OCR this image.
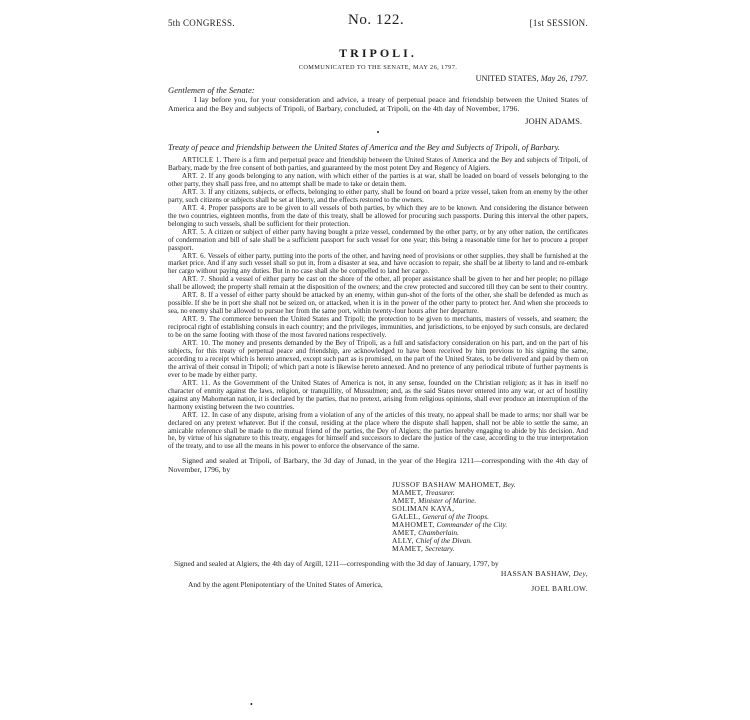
5th CONGRESS.	No. 122.	[1st SESSION.
TRIPOLI.
COMMUNICATED TO THE SENATE, MAY 26, 1797.
UNITED STATES, May 26, 1797.
Gentlemen of the Senate:

I lay before you, for your consideration and advice, a treaty of perpetual peace and friendship between the United States of America and the Bey and subjects of Tripoli, of Barbary, concluded, at Tripoli, on the 4th day of November, 1796.

JOHN ADAMS.
•
Treaty of peace and friendship between the United States of America and the Bey and Subjects of Tripoli, of Barbary.

ARTICLE 1. There is a firm and perpetual peace and friendship between the United States of America and the Bey and subjects of Tripoli, of Barbary, made by the free consent of both parties, and guaranteed by the most potent Dey and Regency of Algiers.

ART. 2. If any goods belonging to any nation, with which either of the parties is at war, shall be loaded on board of vessels belonging to the other party, they shall pass free, and no attempt shall be made to take or detain them.

ART. 3. If any citizens, subjects, or effects, belonging to either party, shall be found on board a prize vessel, taken from an enemy by the other party, such citizens or subjects shall be set at liberty, and the effects restored to the owners.

ART. 4. Proper passports are to be given to all vessels of both parties, by which they are to be known. And considering the distance between the two countries, eighteen months, from the date of this treaty, shall be allowed for procuring such passports. During this interval the other papers, belonging to such vessels, shall be sufficient for their protection.

ART. 5. A citizen or subject of either party having bought a prize vessel, condemned by the other party, or by any other nation, the certificates of condemnation and bill of sale shall be a sufficient passport for such vessel for one year; this being a reasonable time for her to procure a proper passport.

ART. 6. Vessels of either party, putting into the ports of the other, and having need of provisions or other supplies, they shall be furnished at the market price. And if any such vessel shall so put in, from a disaster at sea, and have occasion to repair, she shall be at liberty to land and re-embark her cargo without paying any duties. But in no case shall she be compelled to land her cargo.

ART. 7. Should a vessel of either party be cast on the shore of the other, all proper assistance shall be given to her and her people; no pillage shall be allowed; the property shall remain at the disposition of the owners; and the crew protected and succored till they can be sent to their country.

ART. 8. If a vessel of either party should be attacked by an enemy, within gun-shot of the forts of the other, she shall be defended as much as possible. If she be in port she shall not be seized on, or attacked, when it is in the power of the other party to protect her. And when she proceeds to sea, no enemy shall be allowed to pursue her from the same port, within twenty-four hours after her departure.

ART. 9. The commerce between the United States and Tripoli; the protection to be given to merchants, masters of vessels, and seamen; the reciprocal right of establishing consuls in each country; and the privileges, immunities, and jurisdictions, to be enjoyed by such consuls, are declared to be on the same footing with those of the most favored nations respectively.

ART. 10. The money and presents demanded by the Bey of Tripoli, as a full and satisfactory consideration on his part, and on the part of his subjects, for this treaty of perpetual peace and friendship, are acknowledged to have been received by him previous to his signing the same, according to a receipt which is hereto annexed, except such part as is promised, on the part of the United States, to be delivered and paid by them on the arrival of their consul in Tripoli; of which part a note is likewise hereto annexed. And no pretence of any periodical tribute of further payments is ever to be made by either party.

ART. 11. As the Government of the United States of America is not, in any sense, founded on the Christian religion; as it has in itself no character of enmity against the laws, religion, or tranquillity, of Mussulmen; and, as the said States never entered into any war, or act of hostility against any Mahometan nation, it is declared by the parties, that no pretext, arising from religious opinions, shall ever produce an interruption of the harmony existing between the two countries.

ART. 12. In case of any dispute, arising from a violation of any of the articles of this treaty, no appeal shall be made to arms; nor shall war be declared on any pretext whatever. But if the consul, residing at the place where the dispute shall happen, shall not be able to settle the same, an amicable reference shall be made to the mutual friend of the parties, the Dey of Algiers; the parties hereby engaging to abide by his decision. And he, by virtue of his signature to this treaty, engages for himself and successors to declare the justice of the case, according to the true interpretation of the treaty, and to use all the means in his power to enforce the observance of the same.

Signed and sealed at Tripoli, of Barbary, the 3d day of Junad, in the year of the Hegira 1211—corresponding with the 4th day of November, 1796, by

JUSSOF BASHAW MAHOMET, Bey.
MAMET, Treasurer.
AMET, Minister of Marine.
SOLIMAN KAYA,
GALEL, General of the Troops.
MAHOMET, Commander of the City.
AMET, Chamberlain.
ALLY, Chief of the Divan.
MAMET, Secretary.
Signed and sealed at Algiers, the 4th day of Argill, 1211—corresponding with the 3d day of January, 1797, by
HASSAN BASHAW, Dey,
And by the agent Plenipotentiary of the United States of America,	JOEL BARLOW.
•
